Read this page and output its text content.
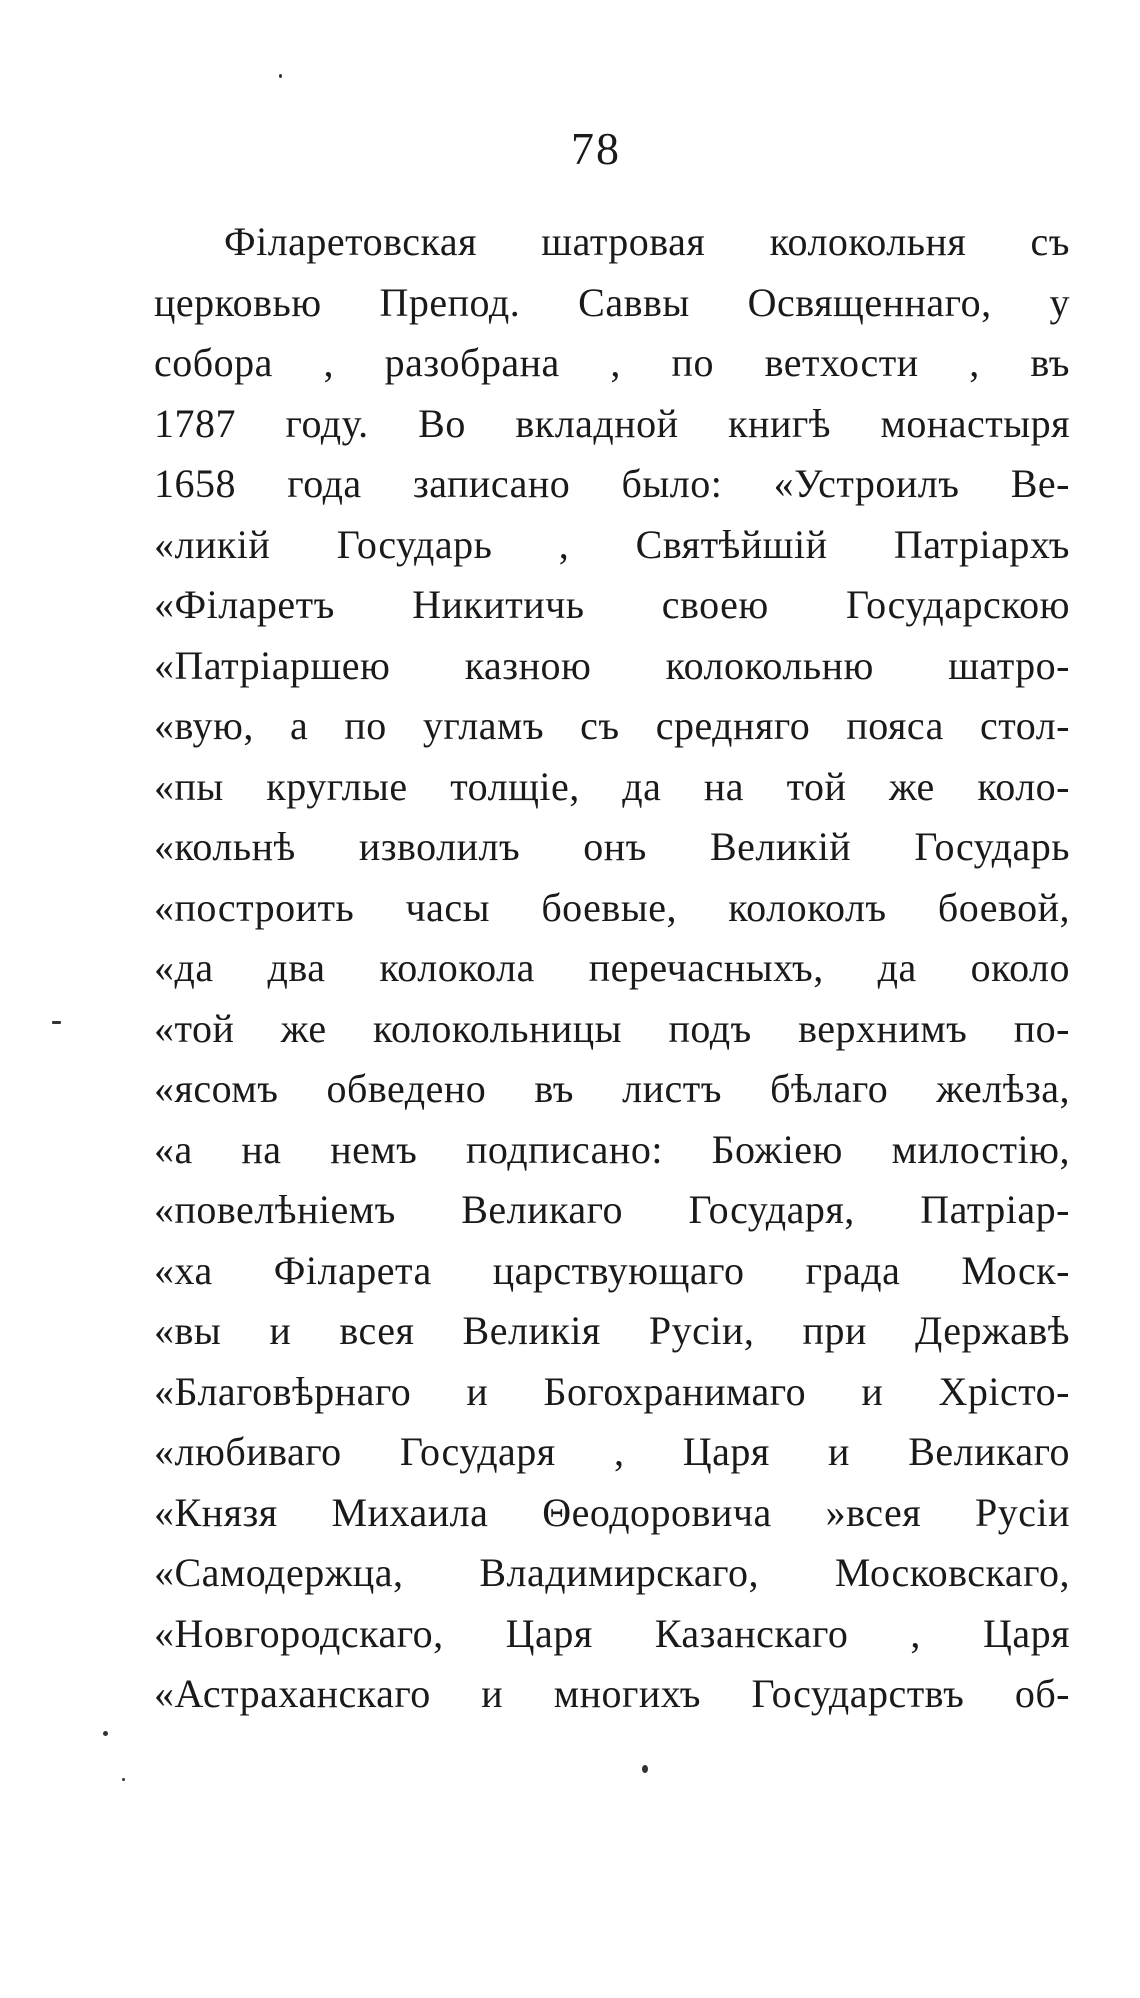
78
Філаретовская шатровая колокольня съ
церковью Препод. Саввы Освященнаго, у
собора , разобрана , по ветхости , въ
1787 году. Во вкладной книгѣ монастыря
1658 года записано было: «Устроилъ Ве-
«ликій Государь , Святѣйшій Патріархъ
«Філаретъ Никитичь своею Государскою
«Патріаршею казною колокольню шатро-
«вую, а по угламъ съ средняго пояса стол-
«пы круглые толщіе, да на той же коло-
«кольнѣ изволилъ онъ Великій Государь
«построить часы боевые, колоколъ боевой,
«да два колокола перечасныхъ, да около
«той же колокольницы подъ верхнимъ по-
«ясомъ обведено въ листъ бѣлаго желѣза,
«а на немъ подписано: Божіею милостію,
«повелѣніемъ Великаго Государя, Патріар-
«ха Філарета царствующаго града Моск-
«вы и всея Великія Русіи, при Державѣ
«Благовѣрнаго и Богохранимаго и Хрісто-
«любиваго Государя , Царя и Великаго
«Князя Михаила Θеодоровича »всея Русіи
«Самодержца, Владимирскаго, Московскаго,
«Новгородскаго, Царя Казанскаго , Царя
«Астраханскаго и многихъ Государствъ об-
